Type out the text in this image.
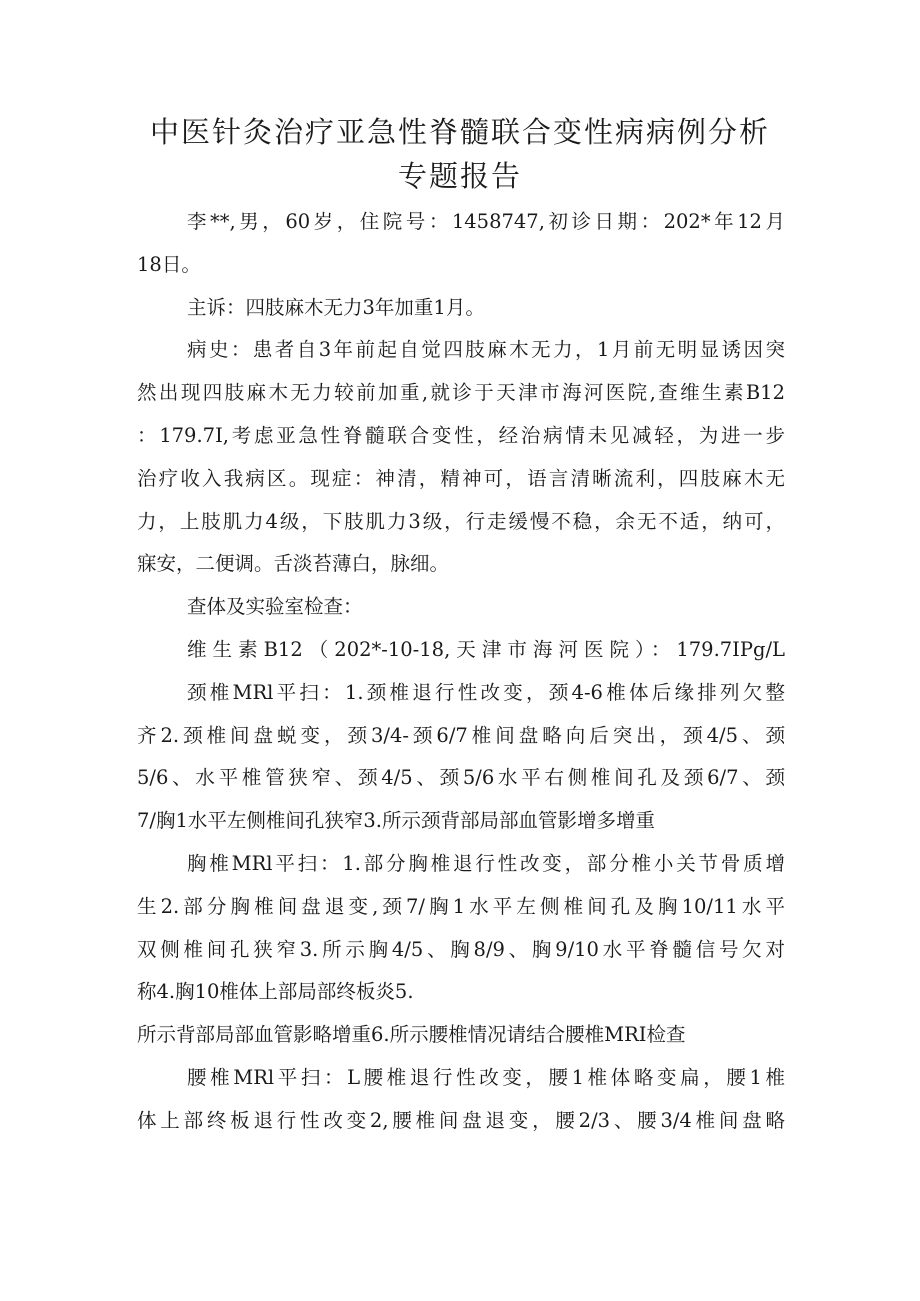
中医针灸治疗亚急性脊髓联合变性病病例分析
专题报告
李**,男，60岁，住院号：1458747,初诊日期：202*年12月
18日。
主诉：四肢麻木无力3年加重1月。
病史：患者自3年前起自觉四肢麻木无力，1月前无明显诱因突
然出现四肢麻木无力较前加重,就诊于天津市海河医院,查维生素B12
：179.7I,考虑亚急性脊髓联合变性，经治病情未见减轻，为进一步
治疗收入我病区。现症：神清，精神可，语言清晰流利，四肢麻木无
力，上肢肌力4级，下肢肌力3级，行走缓慢不稳，余无不适，纳可，
寐安，二便调。舌淡苔薄白，脉细。
查体及实验室检查：
维生素B12（202*-10-18,天津市海河医院）：179.7IPg/L
颈椎MRl平扫：1.颈椎退行性改变，颈4-6椎体后缘排列欠整
齐2.颈椎间盘蜕变，颈3/4-颈6/7椎间盘略向后突出，颈4/5、颈
5/6、水平椎管狭窄、颈4/5、颈5/6水平右侧椎间孔及颈6/7、颈
7/胸1水平左侧椎间孔狭窄3.所示颈背部局部血管影增多增重
胸椎MRl平扫：1.部分胸椎退行性改变，部分椎小关节骨质增
生2.部分胸椎间盘退变,颈7/胸1水平左侧椎间孔及胸10/11水平
双侧椎间孔狭窄3.所示胸4/5、胸8/9、胸9/10水平脊髓信号欠对
称4.胸10椎体上部局部终板炎5.
所示背部局部血管影略增重6.所示腰椎情况请结合腰椎MRI检查
腰椎MRl平扫：L腰椎退行性改变，腰1椎体略变扁，腰1椎
体上部终板退行性改变2,腰椎间盘退变，腰2/3、腰3/4椎间盘略
